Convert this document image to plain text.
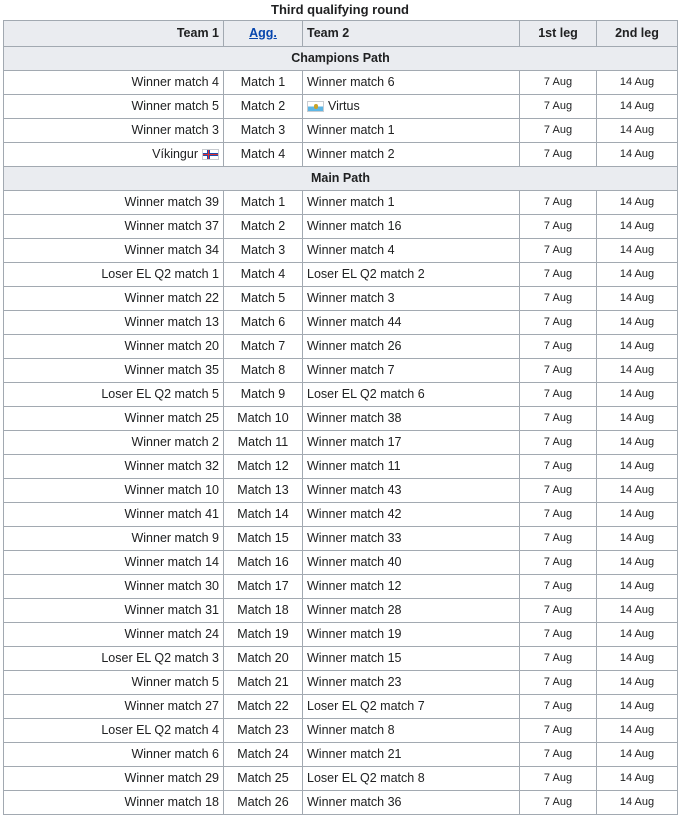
Third qualifying round
Team 1	Agg.	Team 2	1st leg	2nd leg
Champions Path				
Winner match 4	Match 1	Winner match 6	7 Aug	14 Aug
Winner match 5	Match 2	Virtus	7 Aug	14 Aug
Winner match 3	Match 3	Winner match 1	7 Aug	14 Aug
Víkingur	Match 4	Winner match 2	7 Aug	14 Aug
Main Path				
Winner match 39	Match 1	Winner match 1	7 Aug	14 Aug
Winner match 37	Match 2	Winner match 16	7 Aug	14 Aug
Winner match 34	Match 3	Winner match 4	7 Aug	14 Aug
Loser EL Q2 match 1	Match 4	Loser EL Q2 match 2	7 Aug	14 Aug
Winner match 22	Match 5	Winner match 3	7 Aug	14 Aug
Winner match 13	Match 6	Winner match 44	7 Aug	14 Aug
Winner match 20	Match 7	Winner match 26	7 Aug	14 Aug
Winner match 35	Match 8	Winner match 7	7 Aug	14 Aug
Loser EL Q2 match 5	Match 9	Loser EL Q2 match 6	7 Aug	14 Aug
Winner match 25	Match 10	Winner match 38	7 Aug	14 Aug
Winner match 2	Match 11	Winner match 17	7 Aug	14 Aug
Winner match 32	Match 12	Winner match 11	7 Aug	14 Aug
Winner match 10	Match 13	Winner match 43	7 Aug	14 Aug
Winner match 41	Match 14	Winner match 42	7 Aug	14 Aug
Winner match 9	Match 15	Winner match 33	7 Aug	14 Aug
Winner match 14	Match 16	Winner match 40	7 Aug	14 Aug
Winner match 30	Match 17	Winner match 12	7 Aug	14 Aug
Winner match 31	Match 18	Winner match 28	7 Aug	14 Aug
Winner match 24	Match 19	Winner match 19	7 Aug	14 Aug
Loser EL Q2 match 3	Match 20	Winner match 15	7 Aug	14 Aug
Winner match 5	Match 21	Winner match 23	7 Aug	14 Aug
Winner match 27	Match 22	Loser EL Q2 match 7	7 Aug	14 Aug
Loser EL Q2 match 4	Match 23	Winner match 8	7 Aug	14 Aug
Winner match 6	Match 24	Winner match 21	7 Aug	14 Aug
Winner match 29	Match 25	Loser EL Q2 match 8	7 Aug	14 Aug
Winner match 18	Match 26	Winner match 36	7 Aug	14 Aug
